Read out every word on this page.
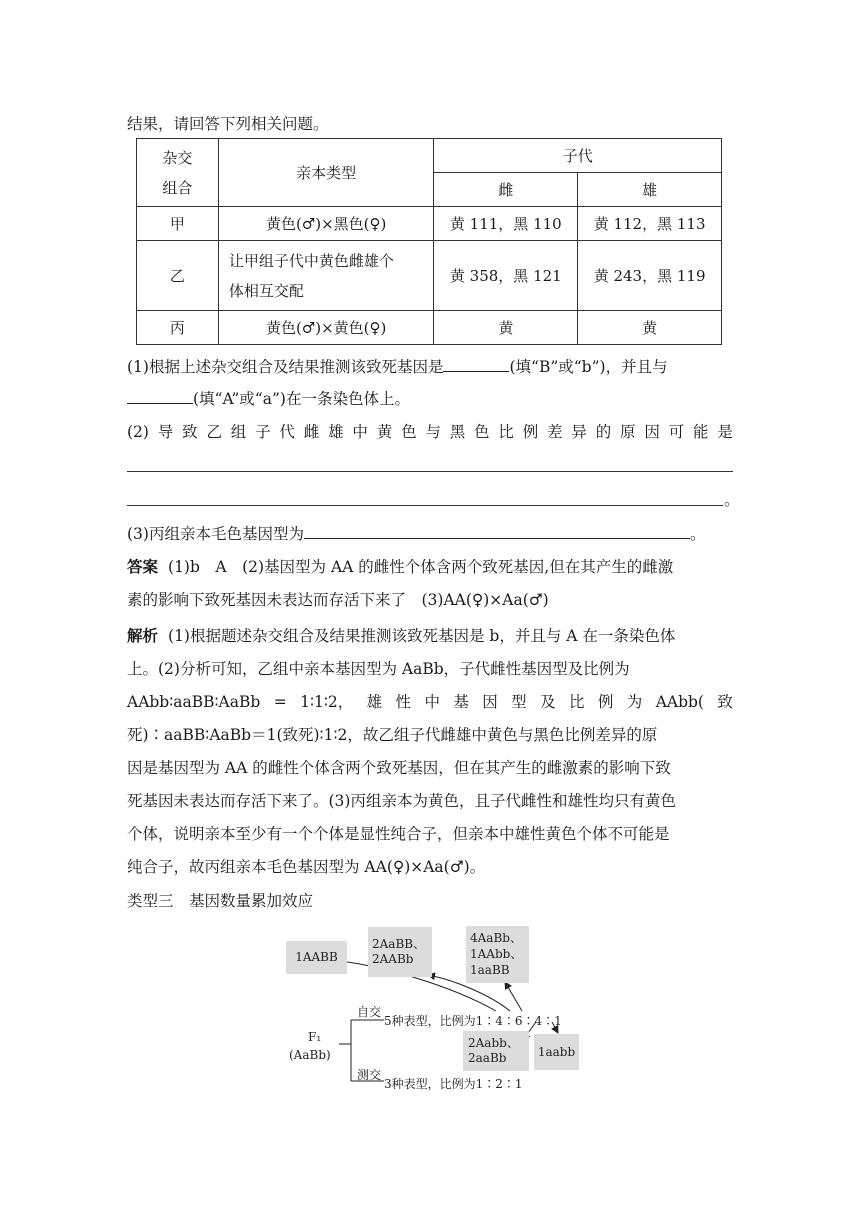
结果，请回答下列相关问题。
杂交
组合	亲本类型	子代	
		雌	雄
甲	黄色(♂)×黑色(♀)	黄 111，黑 110	黄 112，黑 113
乙	让甲组子代中黄色雌雄个
体相互交配	黄 358，黑 121	黄 243，黑 119
丙	黄色(♂)×黄色(♀)	黄	黄
(1)根据上述杂交组合及结果推测该致死基因是	(填“B”或“b”)，并且与
(填“A”或“a”)在一条染色体上。
(2) 导 致 乙 组 子 代 雌 雄 中 黄 色 与 黑 色 比 例 差 异 的 原 因 可 能 是
。
(3)丙组亲本毛色基因型为	。
答案 (1)b　A　(2)基因型为 AA 的雌性个体含两个致死基因,但在其产生的雌激
素的影响下致死基因未表达而存活下来了　(3)AA(♀)×Aa(♂)
解析 (1)根据题述杂交组合及结果推测该致死基因是 b，并且与 A 在一条染色体
上。(2)分析可知，乙组中亲本基因型为 AaBb，子代雌性基因型及比例为
AAbb∶aaBB∶AaBb = 1∶1∶2， 雄 性 中 基 因 型 及 比 例 为 AAbb( 致
死)∶aaBB∶AaBb＝1(致死)∶1∶2，故乙组子代雌雄中黄色与黑色比例差异的原
因是基因型为 AA 的雌性个体含两个致死基因，但在其产生的雌激素的影响下致
死基因未表达而存活下来了。(3)丙组亲本为黄色，且子代雌性和雄性均只有黄色
个体，说明亲本至少有一个个体是显性纯合子，但亲本中雄性黄色个体不可能是
纯合子，故丙组亲本毛色基因型为 AA(♀)×Aa(♂)。
类型三　基因数量累加效应
1AABB
2AaBB、
2AABb
4AaBb、
1AAbb、
1aaBB
2Aabb、
2aaBb	1aabb
F₁
(AaBb)
自交
5种表型，比例为1∶4∶6∶4∶1
测交
3种表型，比例为1∶2∶1
